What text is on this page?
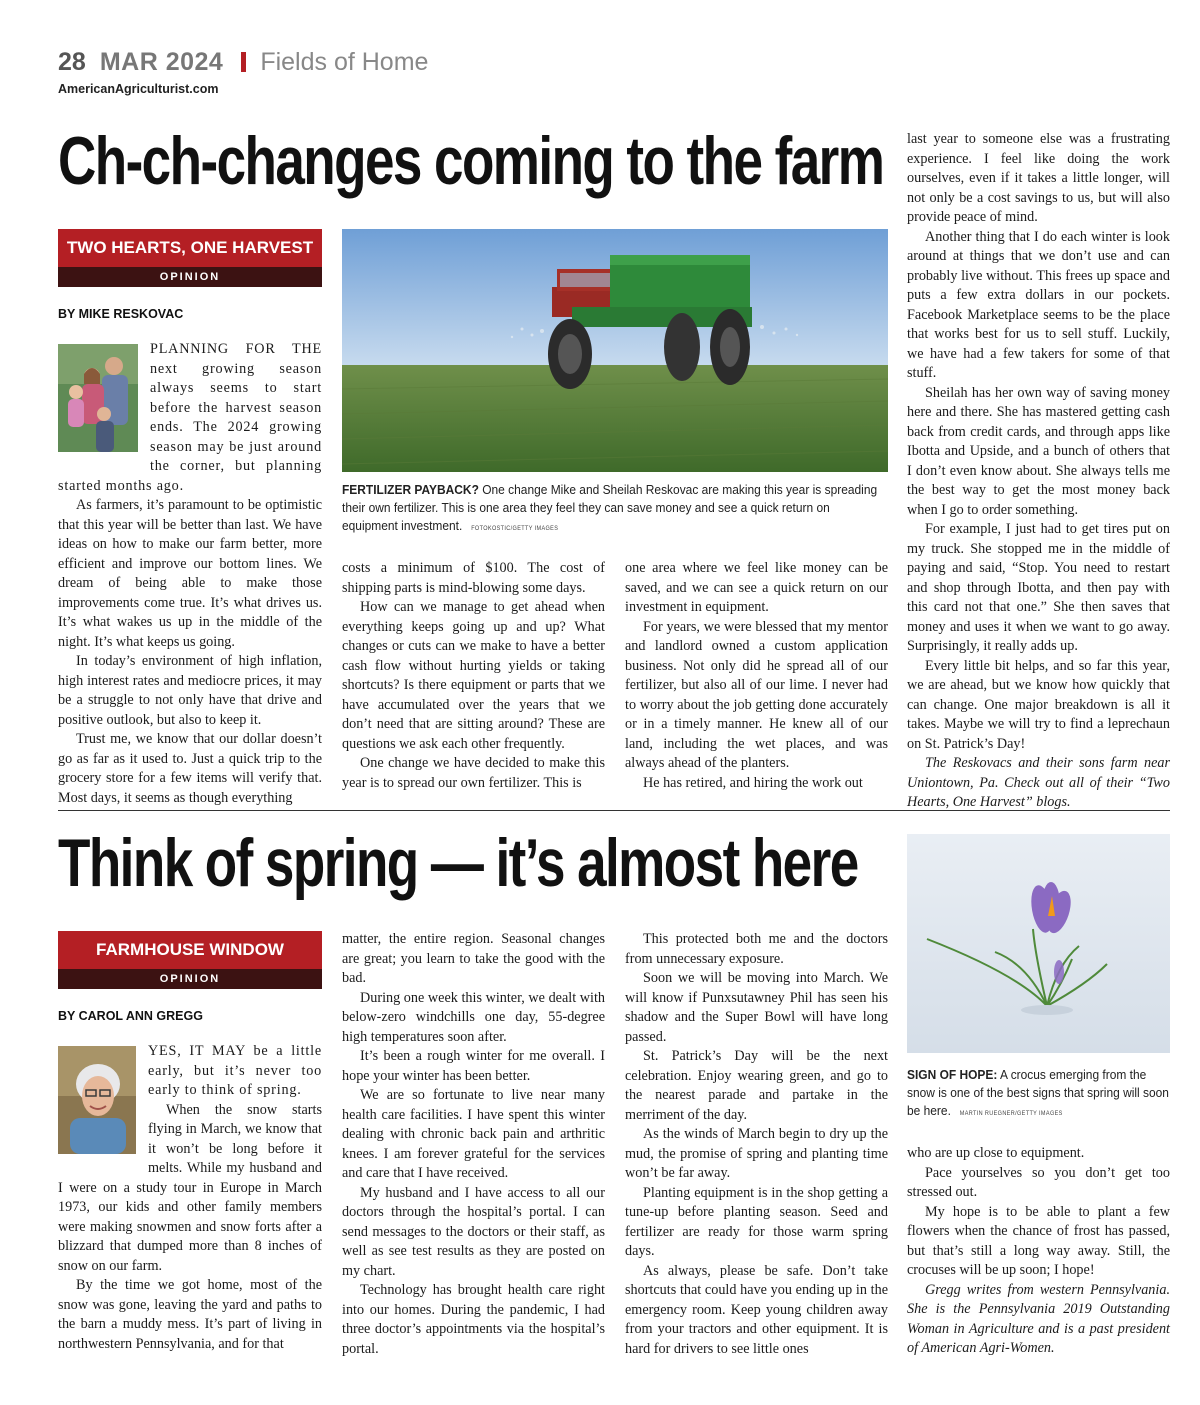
28 MAR 2024 Fields of Home
AmericanAgriculturist.com
Ch-ch-changes coming to the farm
TWO HEARTS, ONE HARVEST
OPINION
BY MIKE RESKOVAC

PLANNING FOR THE next growing season always seems to start before the harvest season ends. The 2024 growing season may be just around the corner, but planning started months ago.

As farmers, it’s paramount to be optimistic that this year will be better than last. We have ideas on how to make our farm better, more efficient and improve our bottom lines. We dream of being able to make those improvements come true. It’s what drives us. It’s what wakes us up in the middle of the night. It’s what keeps us going.

In today’s environment of high inflation, high interest rates and mediocre prices, it may be a struggle to not only have that drive and positive outlook, but also to keep it.

Trust me, we know that our dollar doesn’t go as far as it used to. Just a quick trip to the grocery store for a few items will verify that. Most days, it seems as though everything

FERTILIZER PAYBACK? One change Mike and Sheilah Reskovac are making this year is spreading their own fertilizer. This is one area they feel they can save money and see a quick return on equipment investment. FOTOKOSTIC/GETTY IMAGES

costs a minimum of $100. The cost of shipping parts is mind-blowing some days.

How can we manage to get ahead when everything keeps going up and up? What changes or cuts can we make to have a better cash flow without hurting yields or taking shortcuts? Is there equipment or parts that we have accumulated over the years that we don’t need that are sitting around? These are questions we ask each other frequently.

One change we have decided to make this year is to spread our own fertilizer. This is

one area where we feel like money can be saved, and we can see a quick return on our investment in equipment.

For years, we were blessed that my mentor and landlord owned a custom application business. Not only did he spread all of our fertilizer, but also all of our lime. I never had to worry about the job getting done accurately or in a timely manner. He knew all of our land, including the wet places, and was always ahead of the planters.

He has retired, and hiring the work out

last year to someone else was a frustrating experience. I feel like doing the work ourselves, even if it takes a little longer, will not only be a cost savings to us, but will also provide peace of mind.

Another thing that I do each winter is look around at things that we don’t use and can probably live without. This frees up space and puts a few extra dollars in our pockets. Facebook Marketplace seems to be the place that works best for us to sell stuff. Luckily, we have had a few takers for some of that stuff.

Sheilah has her own way of saving money here and there. She has mastered getting cash back from credit cards, and through apps like Ibotta and Upside, and a bunch of others that I don’t even know about. She always tells me the best way to get the most money back when I go to order something.

For example, I just had to get tires put on my truck. She stopped me in the middle of paying and said, “Stop. You need to restart and shop through Ibotta, and then pay with this card not that one.” She then saves that money and uses it when we want to go away. Surprisingly, it really adds up.

Every little bit helps, and so far this year, we are ahead, but we know how quickly that can change. One major breakdown is all it takes. Maybe we will try to find a leprechaun on St. Patrick’s Day!

The Reskovacs and their sons farm near Uniontown, Pa. Check out all of their “Two Hearts, One Harvest” blogs.

Think of spring — it’s almost here
FARMHOUSE WINDOW
OPINION
BY CAROL ANN GREGG

YES, IT MAY be a little early, but it’s never too early to think of spring.

When the snow starts flying in March, we know that it won’t be long before it melts. While my husband and I were on a study tour in Europe in March 1973, our kids and other family members were making snowmen and snow forts after a blizzard that dumped more than 8 inches of snow on our farm.

By the time we got home, most of the snow was gone, leaving the yard and paths to the barn a muddy mess. It’s part of living in northwestern Pennsylvania, and for that

matter, the entire region. Seasonal changes are great; you learn to take the good with the bad.

During one week this winter, we dealt with below-zero windchills one day, 55-degree high temperatures soon after.

It’s been a rough winter for me overall. I hope your winter has been better.

We are so fortunate to live near many health care facilities. I have spent this winter dealing with chronic back pain and arthritic knees. I am forever grateful for the services and care that I have received.

My husband and I have access to all our doctors through the hospital’s portal. I can send messages to the doctors or their staff, as well as see test results as they are posted on my chart.

Technology has brought health care right into our homes. During the pandemic, I had three doctor’s appointments via the hospital’s portal.

This protected both me and the doctors from unnecessary exposure.

Soon we will be moving into March. We will know if Punxsutawney Phil has seen his shadow and the Super Bowl will have long passed.

St. Patrick’s Day will be the next celebration. Enjoy wearing green, and go to the nearest parade and partake in the merriment of the day.

As the winds of March begin to dry up the mud, the promise of spring and planting time won’t be far away.

Planting equipment is in the shop getting a tune-up before planting season. Seed and fertilizer are ready for those warm spring days.

As always, please be safe. Don’t take shortcuts that could have you ending up in the emergency room. Keep young children away from your tractors and other equipment. It is hard for drivers to see little ones

SIGN OF HOPE: A crocus emerging from the snow is one of the best signs that spring will soon be here. MARTIN RUEGNER/GETTY IMAGES

who are up close to equipment.

Pace yourselves so you don’t get too stressed out.

My hope is to be able to plant a few flowers when the chance of frost has passed, but that’s still a long way away. Still, the crocuses will be up soon; I hope!

Gregg writes from western Pennsylvania. She is the Pennsylvania 2019 Outstanding Woman in Agriculture and is a past president of American Agri-Women.
